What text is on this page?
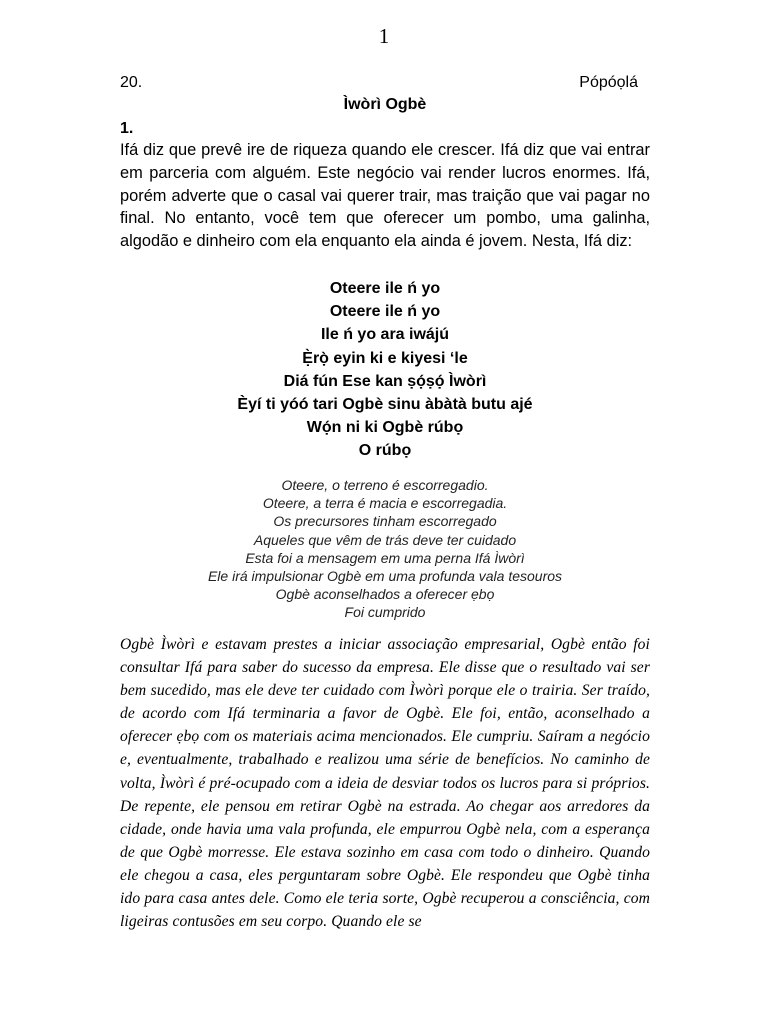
1
20.	Pópóọlá
Ìwòrì Ogbè
1.

Ifá diz que prevê ire de riqueza quando ele crescer. Ifá diz que vai entrar em parceria com alguém. Este negócio vai render lucros enormes. Ifá, porém adverte que o casal vai querer trair, mas traição que vai pagar no final. No entanto, você tem que oferecer um pombo, uma galinha, algodão e dinheiro com ela enquanto ela ainda é jovem. Nesta, Ifá diz:

Oteere ile ń yo
Oteere ile ń yo
Ile ń yo ara iwájú
Ẹ̀rọ̀ eyin ki e kiyesi ‘le
Diá fún Ese kan ṣọ́ṣọ́ Ìwòrì
Èyí ti yóó tari Ogbè sinu àbàtà butu ajé
Wọ́n ni ki Ogbè rúbọ
O rúbọ
Oteere, o terreno é escorregadio.
Oteere, a terra é macia e escorregadia.
Os precursores tinham escorregado
Aqueles que vêm de trás deve ter cuidado
Esta foi a mensagem em uma perna Ifá Ìwòrì
Ele irá impulsionar Ogbè em uma profunda vala tesouros
Ogbè aconselhados a oferecer ẹbọ
Foi cumprido

Ogbè Ìwòrì e estavam prestes a iniciar associação empresarial, Ogbè então foi consultar Ifá para saber do sucesso da empresa. Ele disse que o resultado vai ser bem sucedido, mas ele deve ter cuidado com Ìwòrì porque ele o trairia. Ser traído, de acordo com Ifá terminaria a favor de Ogbè. Ele foi, então, aconselhado a oferecer ẹbọ com os materiais acima mencionados. Ele cumpriu. Saíram a negócio e, eventualmente, trabalhado e realizou uma série de benefícios. No caminho de volta, Ìwòrì é pré-ocupado com a ideia de desviar todos os lucros para si próprios. De repente, ele pensou em retirar Ogbè na estrada. Ao chegar aos arredores da cidade, onde havia uma vala profunda, ele empurrou Ogbè nela, com a esperança de que Ogbè morresse. Ele estava sozinho em casa com todo o dinheiro. Quando ele chegou a casa, eles perguntaram sobre Ogbè. Ele respondeu que Ogbè tinha ido para casa antes dele. Como ele teria sorte, Ogbè recuperou a consciência, com ligeiras contusões em seu corpo. Quando ele se
